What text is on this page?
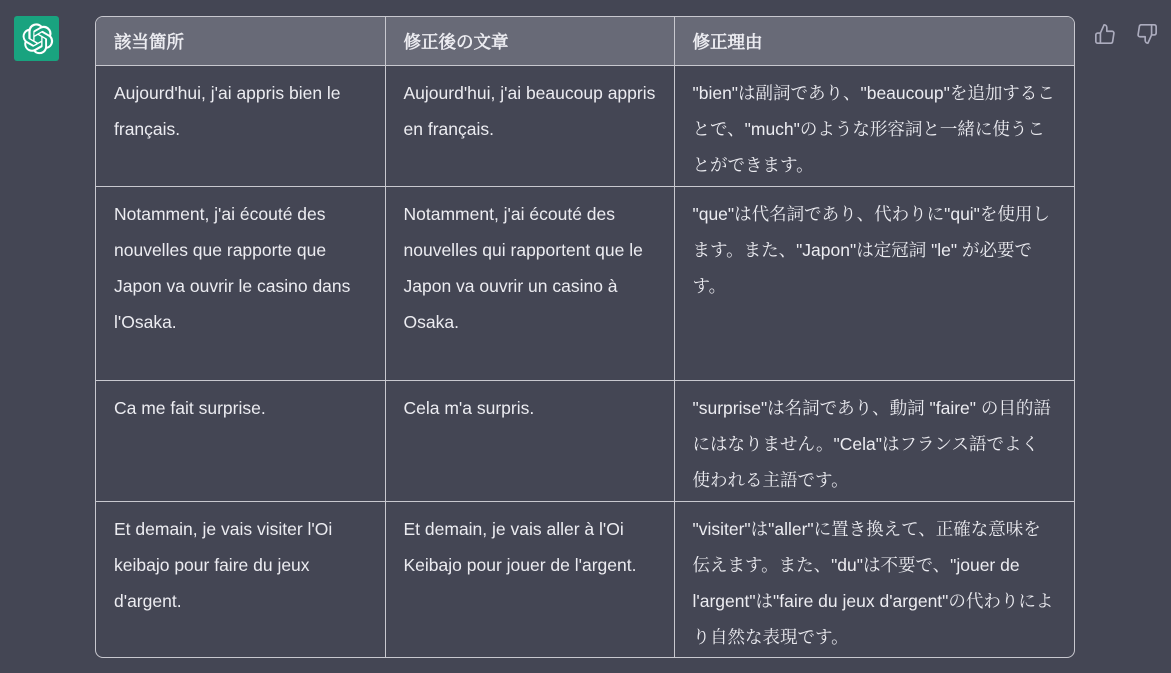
該当箇所	修正後の文章	修正理由
Aujourd'hui, j'ai appris bien le français.	Aujourd'hui, j'ai beaucoup appris en français.	"bien"は副詞であり、"beaucoup"を追加することで、"much"のような形容詞と一緒に使うことができます。
Notamment, j'ai écouté des nouvelles que rapporte que Japon va ouvrir le casino dans l'Osaka.	Notamment, j'ai écouté des nouvelles qui rapportent que le Japon va ouvrir un casino à Osaka.	"que"は代名詞であり、代わりに"qui"を使用します。また、"Japon"は定冠詞 "le" が必要です。
Ca me fait surprise.	Cela m'a surpris.	"surprise"は名詞であり、動詞 "faire" の目的語にはなりません。"Cela"はフランス語でよく使われる主語です。
Et demain, je vais visiter l'Oi keibajo pour faire du jeux d'argent.	Et demain, je vais aller à l'Oi Keibajo pour jouer de l'argent.	"visiter"は"aller"に置き換えて、正確な意味を伝えます。また、"du"は不要で、"jouer de l'argent"は"faire du jeux d'argent"の代わりにより自然な表現です。
